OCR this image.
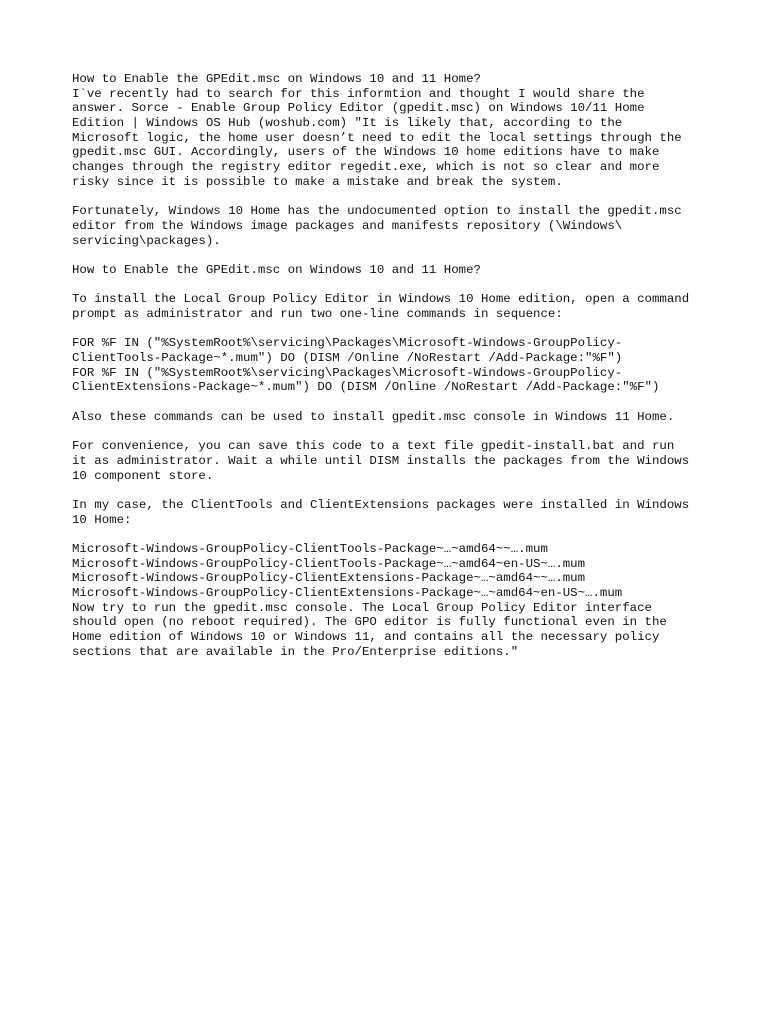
How to Enable the GPEdit.msc on Windows 10 and 11 Home?
I`ve recently had to search for this informtion and thought I would share the
answer. Sorce - Enable Group Policy Editor (gpedit.msc) on Windows 10/11 Home
Edition | Windows OS Hub (woshub.com) "It is likely that, according to the
Microsoft logic, the home user doesn’t need to edit the local settings through the
gpedit.msc GUI. Accordingly, users of the Windows 10 home editions have to make
changes through the registry editor regedit.exe, which is not so clear and more
risky since it is possible to make a mistake and break the system.
Fortunately, Windows 10 Home has the undocumented option to install the gpedit.msc
editor from the Windows image packages and manifests repository (\Windows\
servicing\packages).
How to Enable the GPEdit.msc on Windows 10 and 11 Home?
To install the Local Group Policy Editor in Windows 10 Home edition, open a command
prompt as administrator and run two one-line commands in sequence:
FOR %F IN ("%SystemRoot%\servicing\Packages\Microsoft-Windows-GroupPolicy-
ClientTools-Package~*.mum") DO (DISM /Online /NoRestart /Add-Package:"%F")
FOR %F IN ("%SystemRoot%\servicing\Packages\Microsoft-Windows-GroupPolicy-
ClientExtensions-Package~*.mum") DO (DISM /Online /NoRestart /Add-Package:"%F")
Also these commands can be used to install gpedit.msc console in Windows 11 Home.
For convenience, you can save this code to a text file gpedit-install.bat and run
it as administrator. Wait a while until DISM installs the packages from the Windows
10 component store.
In my case, the ClientTools and ClientExtensions packages were installed in Windows
10 Home:
Microsoft-Windows-GroupPolicy-ClientTools-Package~…~amd64~~….mum
Microsoft-Windows-GroupPolicy-ClientTools-Package~…~amd64~en-US~….mum
Microsoft-Windows-GroupPolicy-ClientExtensions-Package~…~amd64~~….mum
Microsoft-Windows-GroupPolicy-ClientExtensions-Package~…~amd64~en-US~….mum
Now try to run the gpedit.msc console. The Local Group Policy Editor interface
should open (no reboot required). The GPO editor is fully functional even in the
Home edition of Windows 10 or Windows 11, and contains all the necessary policy
sections that are available in the Pro/Enterprise editions."
